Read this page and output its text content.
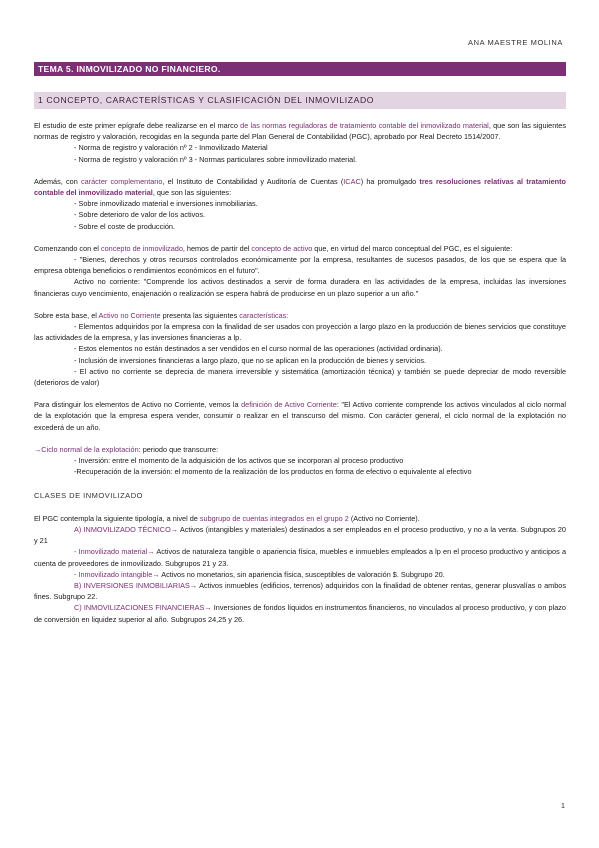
ANA MAESTRE MOLINA
TEMA 5. INMOVILIZADO NO FINANCIERO.
1 CONCEPTO, CARACTERÍSTICAS Y CLASIFICACIÓN DEL INMOVILIZADO

El estudio de este primer epígrafe debe realizarse en el marco de las normas reguladoras de tratamiento contable del inmovilizado material, que son las siguientes normas de registro y valoración, recogidas en la segunda parte del Plan General de Contabilidad (PGC), aprobado por Real Decreto 1514/2007.

- Norma de registro y valoración nº 2 - Inmovilizado Material

- Norma de registro y valoración nº 3 - Normas particulares sobre inmovilizado material.

Además, con carácter complementario, el Instituto de Contabilidad y Auditoría de Cuentas (ICAC) ha promulgado tres resoluciones relativas al tratamiento contable del inmovilizado material, que son las siguientes:

- Sobre inmovilizado material e inversiones inmobiliarias.

- Sobre deterioro de valor de los activos.

- Sobre el coste de producción.

Comenzando con el concepto de inmovilizado, hemos de partir del concepto de activo que, en virtud del marco conceptual del PGC, es el siguiente:

- "Bienes, derechos y otros recursos controlados económicamente por la empresa, resultantes de sucesos pasados, de los que se espera que la empresa obtenga beneficios o rendimientos económicos en el futuro".

Activo no corriente: "Comprende los activos destinados a servir de forma duradera en las actividades de la empresa, incluidas las inversiones financieras cuyo vencimiento, enajenación o realización se espera habrá de producirse en un plazo superior a un año."

Sobre esta base, el Activo no Corriente presenta las siguientes características:

- Elementos adquiridos por la empresa con la finalidad de ser usados con proyección a largo plazo en la producción de bienes servicios que constituye las actividades de la empresa, y las inversiones financieras a lp.

- Estos elementos no están destinados a ser vendidos en el curso normal de las operaciones (actividad ordinaria).

- Inclusión de inversiones financieras a largo plazo, que no se aplican en la producción de bienes y servicios.

- El activo no corriente se deprecia de manera irreversible y sistemática (amortización técnica) y también se puede depreciar de modo reversible (deterioros de valor)

Para distinguir los elementos de Activo no Corriente, vemos la definición de Activo Corriente: "El Activo corriente comprende los activos vinculados al ciclo normal de la explotación que la empresa espera vender, consumir o realizar en el transcurso del mismo. Con carácter general, el ciclo normal de la explotación no excederá de un año.

→Ciclo normal de la explotación: periodo que transcurre:

- Inversión: entre el momento de la adquisición de los activos que se incorporan al proceso productivo

-Recuperación de la inversión: el momento de la realización de los productos en forma de efectivo o equivalente al efectivo

CLASES DE INMOVILIZADO

El PGC contempla la siguiente tipología, a nivel de subgrupo de cuentas integrados en el grupo 2 (Activo no Corriente).

A) INMOVILIZADO TÉCNICO→ Activos (intangibles y materiales) destinados a ser empleados en el proceso productivo, y no a la venta. Subgrupos 20 y 21

- Inmovilizado material→ Activos de naturaleza tangible o apariencia física, muebles e inmuebles empleados a lp en el proceso productivo y anticipos a cuenta de proveedores de inmovilizado. Subgrupos 21 y 23.

- Inmovilizado intangible→ Activos no monetarios, sin apariencia física, susceptibles de valoración $. Subgrupo 20.

B) INVERSIONES INMOBILIARIAS→ Activos inmuebles (edificios, terrenos) adquiridos con la finalidad de obtener rentas, generar plusvalías o ambos fines. Subgrupo 22.

C) INMOVILIZACIONES FINANCIERAS→ Inversiones de fondos líquidos en instrumentos financieros, no vinculados al proceso productivo, y con plazo de conversión en liquidez superior al año. Subgrupos 24,25 y 26.

1
